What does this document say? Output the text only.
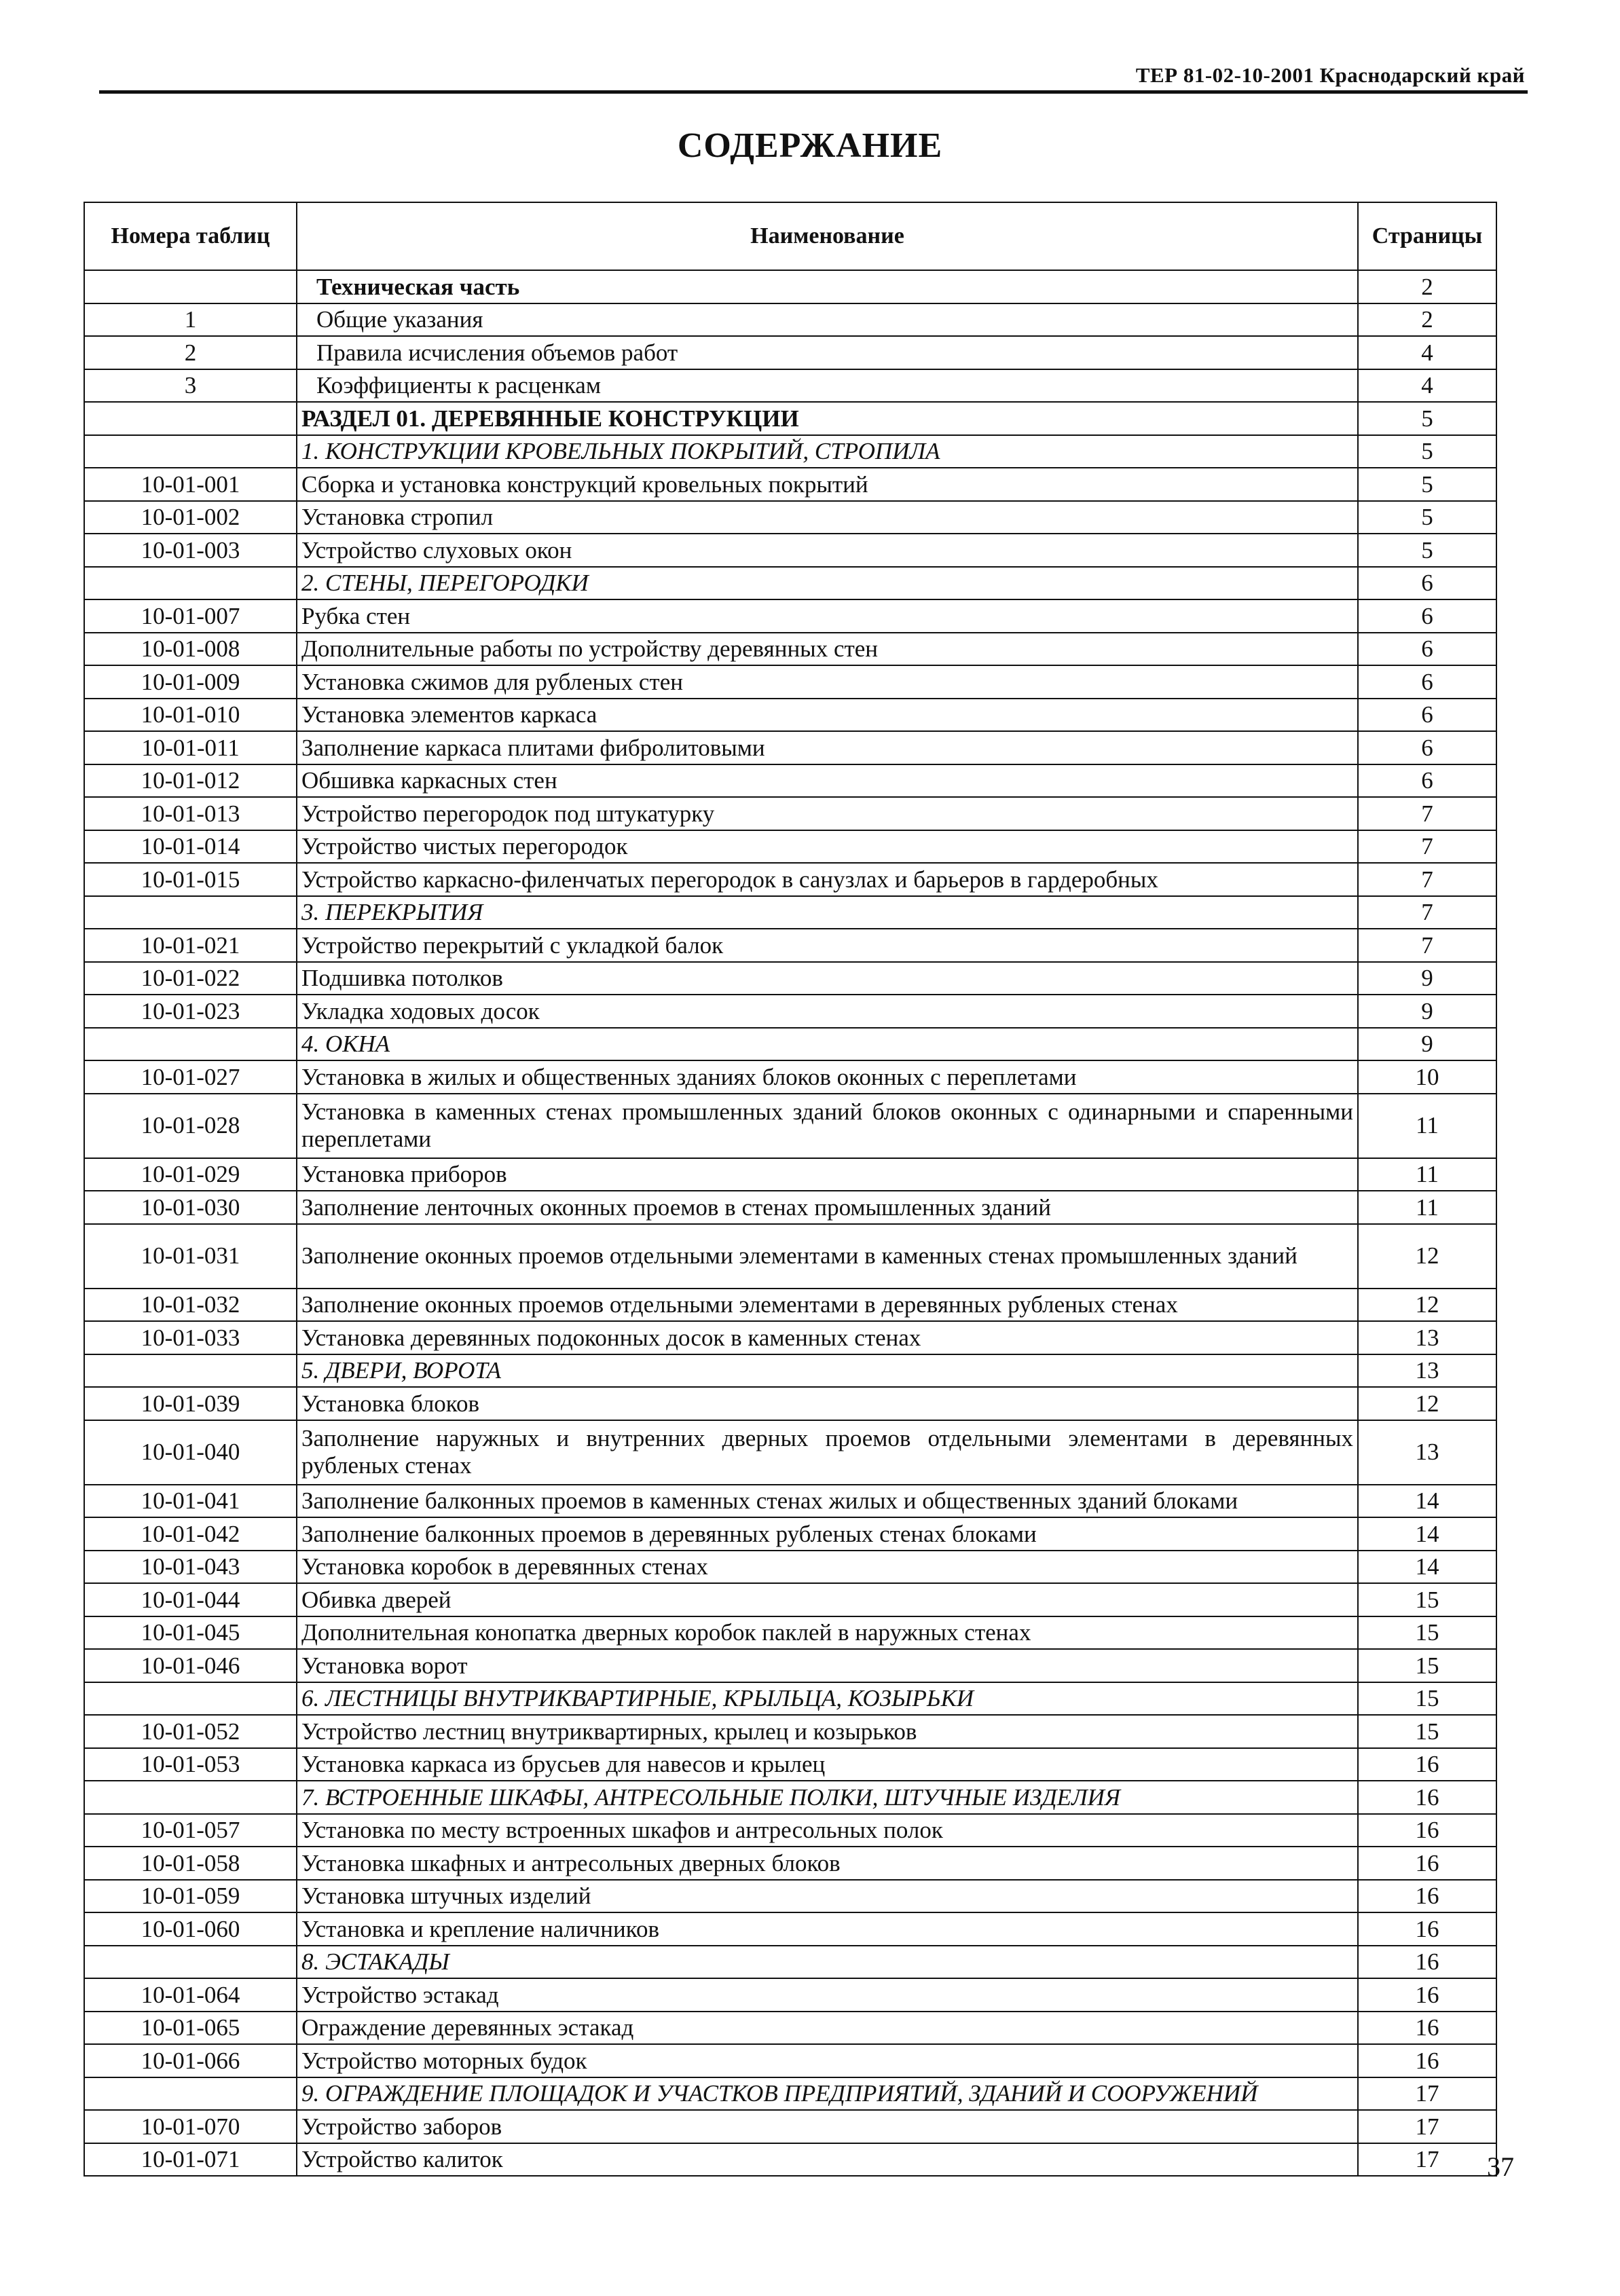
ТЕР 81-02-10-2001 Краснодарский край
СОДЕРЖАНИЕ
Номера таблиц	Наименование	Страницы
	Техническая часть	2
1	Общие указания	2
2	Правила исчисления объемов работ	4
3	Коэффициенты к расценкам	4
	РАЗДЕЛ 01. ДЕРЕВЯННЫЕ КОНСТРУКЦИИ	5
	1. КОНСТРУКЦИИ КРОВЕЛЬНЫХ ПОКРЫТИЙ, СТРОПИЛА	5
10-01-001	Сборка и установка конструкций кровельных покрытий	5
10-01-002	Установка стропил	5
10-01-003	Устройство слуховых окон	5
	2. СТЕНЫ, ПЕРЕГОРОДКИ	6
10-01-007	Рубка стен	6
10-01-008	Дополнительные работы по устройству деревянных стен	6
10-01-009	Установка сжимов для рубленых стен	6
10-01-010	Установка элементов каркаса	6
10-01-011	Заполнение каркаса плитами фибролитовыми	6
10-01-012	Обшивка каркасных стен	6
10-01-013	Устройство перегородок под штукатурку	7
10-01-014	Устройство чистых перегородок	7
10-01-015	Устройство каркасно-филенчатых перегородок в санузлах и барьеров в гардеробных	7
	3. ПЕРЕКРЫТИЯ	7
10-01-021	Устройство перекрытий с укладкой балок	7
10-01-022	Подшивка потолков	9
10-01-023	Укладка ходовых досок	9
	4. ОКНА	9
10-01-027	Установка в жилых и общественных зданиях блоков оконных с переплетами	10
10-01-028	Установка в каменных стенах промышленных зданий блоков оконных с одинарными и спаренными переплетами	11
10-01-029	Установка приборов	11
10-01-030	Заполнение ленточных оконных проемов в стенах промышленных зданий	11
10-01-031	Заполнение оконных проемов отдельными элементами в каменных стенах промышленных зданий	12
10-01-032	Заполнение оконных проемов отдельными элементами в деревянных рубленых стенах	12
10-01-033	Установка деревянных подоконных досок в каменных стенах	13
	5. ДВЕРИ, ВОРОТА	13
10-01-039	Установка блоков	12
10-01-040	Заполнение наружных и внутренних дверных проемов отдельными элементами в деревянных рубленых стенах	13
10-01-041	Заполнение балконных проемов в каменных стенах жилых и общественных зданий блоками	14
10-01-042	Заполнение балконных проемов в деревянных рубленых стенах блоками	14
10-01-043	Установка коробок в деревянных стенах	14
10-01-044	Обивка дверей	15
10-01-045	Дополнительная конопатка дверных коробок паклей в наружных стенах	15
10-01-046	Установка ворот	15
	6. ЛЕСТНИЦЫ ВНУТРИКВАРТИРНЫЕ, КРЫЛЬЦА, КОЗЫРЬКИ	15
10-01-052	Устройство лестниц внутриквартирных, крылец и козырьков	15
10-01-053	Установка каркаса из брусьев для навесов и крылец	16
	7. ВСТРОЕННЫЕ ШКАФЫ, АНТРЕСОЛЬНЫЕ ПОЛКИ, ШТУЧНЫЕ ИЗДЕЛИЯ	16
10-01-057	Установка по месту встроенных шкафов и антресольных полок	16
10-01-058	Установка шкафных и антресольных дверных блоков	16
10-01-059	Установка штучных изделий	16
10-01-060	Установка и крепление наличников	16
	8. ЭСТАКАДЫ	16
10-01-064	Устройство эстакад	16
10-01-065	Ограждение деревянных эстакад	16
10-01-066	Устройство моторных будок	16
	9. ОГРАЖДЕНИЕ ПЛОЩАДОК И УЧАСТКОВ ПРЕДПРИЯТИЙ, ЗДАНИЙ И СООРУЖЕНИЙ	17
10-01-070	Устройство заборов	17
10-01-071	Устройство калиток	17	37
